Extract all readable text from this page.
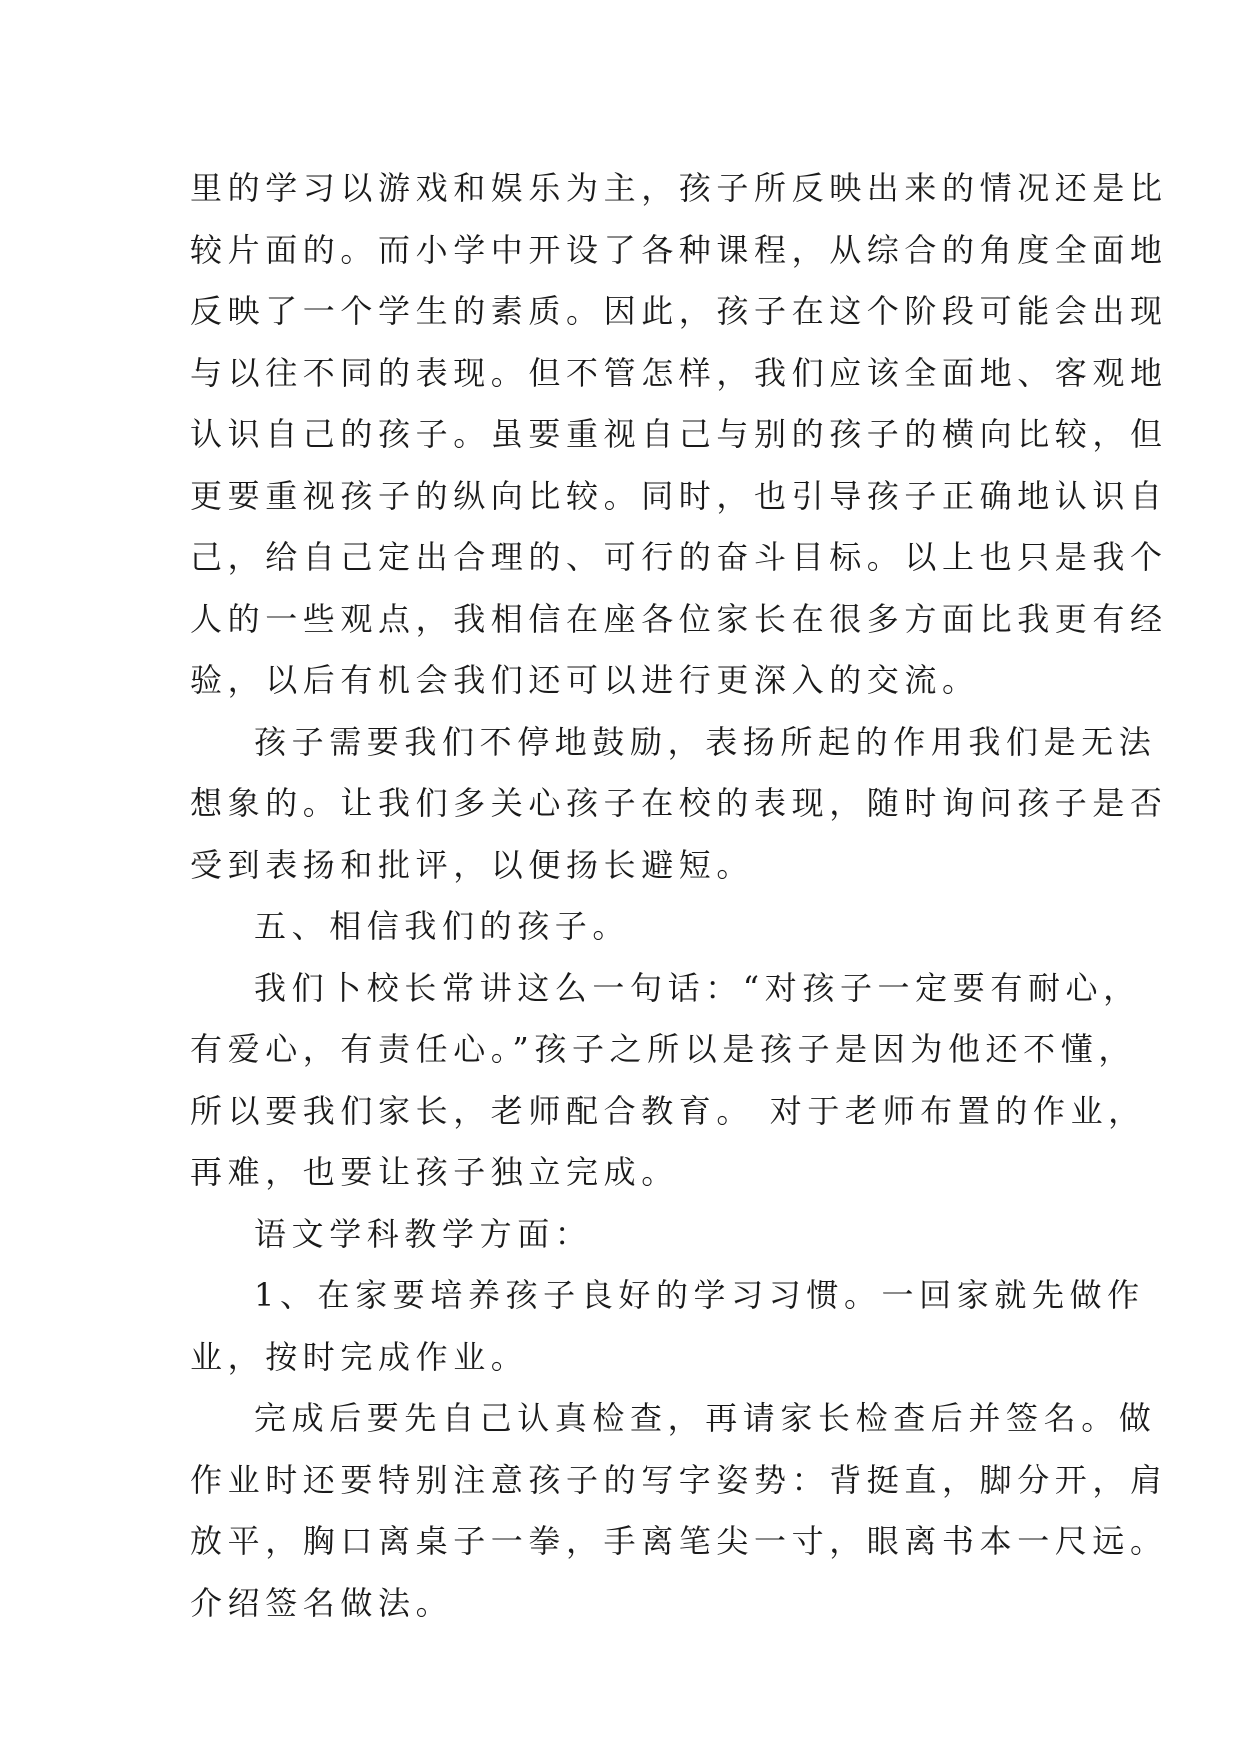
里的学习以游戏和娱乐为主，孩子所反映出来的情况还是比
较片面的。而小学中开设了各种课程，从综合的角度全面地
反映了一个学生的素质。因此，孩子在这个阶段可能会出现
与以往不同的表现。但不管怎样，我们应该全面地、客观地
认识自己的孩子。虽要重视自己与别的孩子的横向比较，但
更要重视孩子的纵向比较。同时，也引导孩子正确地认识自
己，给自己定出合理的、可行的奋斗目标。以上也只是我个
人的一些观点，我相信在座各位家长在很多方面比我更有经
验，以后有机会我们还可以进行更深入的交流。
孩子需要我们不停地鼓励，表扬所起的作用我们是无法
想象的。让我们多关心孩子在校的表现，随时询问孩子是否
受到表扬和批评，以便扬长避短。
五、相信我们的孩子。
我们卜校长常讲这么一句话：“对孩子一定要有耐心，
有爱心，有责任心。”孩子之所以是孩子是因为他还不懂，
所以要我们家长，老师配合教育。 对于老师布置的作业，
再难，也要让孩子独立完成。
语文学科教学方面：
1、在家要培养孩子良好的学习习惯。一回家就先做作
业，按时完成作业。
完成后要先自己认真检查，再请家长检查后并签名。做
作业时还要特别注意孩子的写字姿势：背挺直，脚分开，肩
放平，胸口离桌子一拳，手离笔尖一寸，眼离书本一尺远。
介绍签名做法。
